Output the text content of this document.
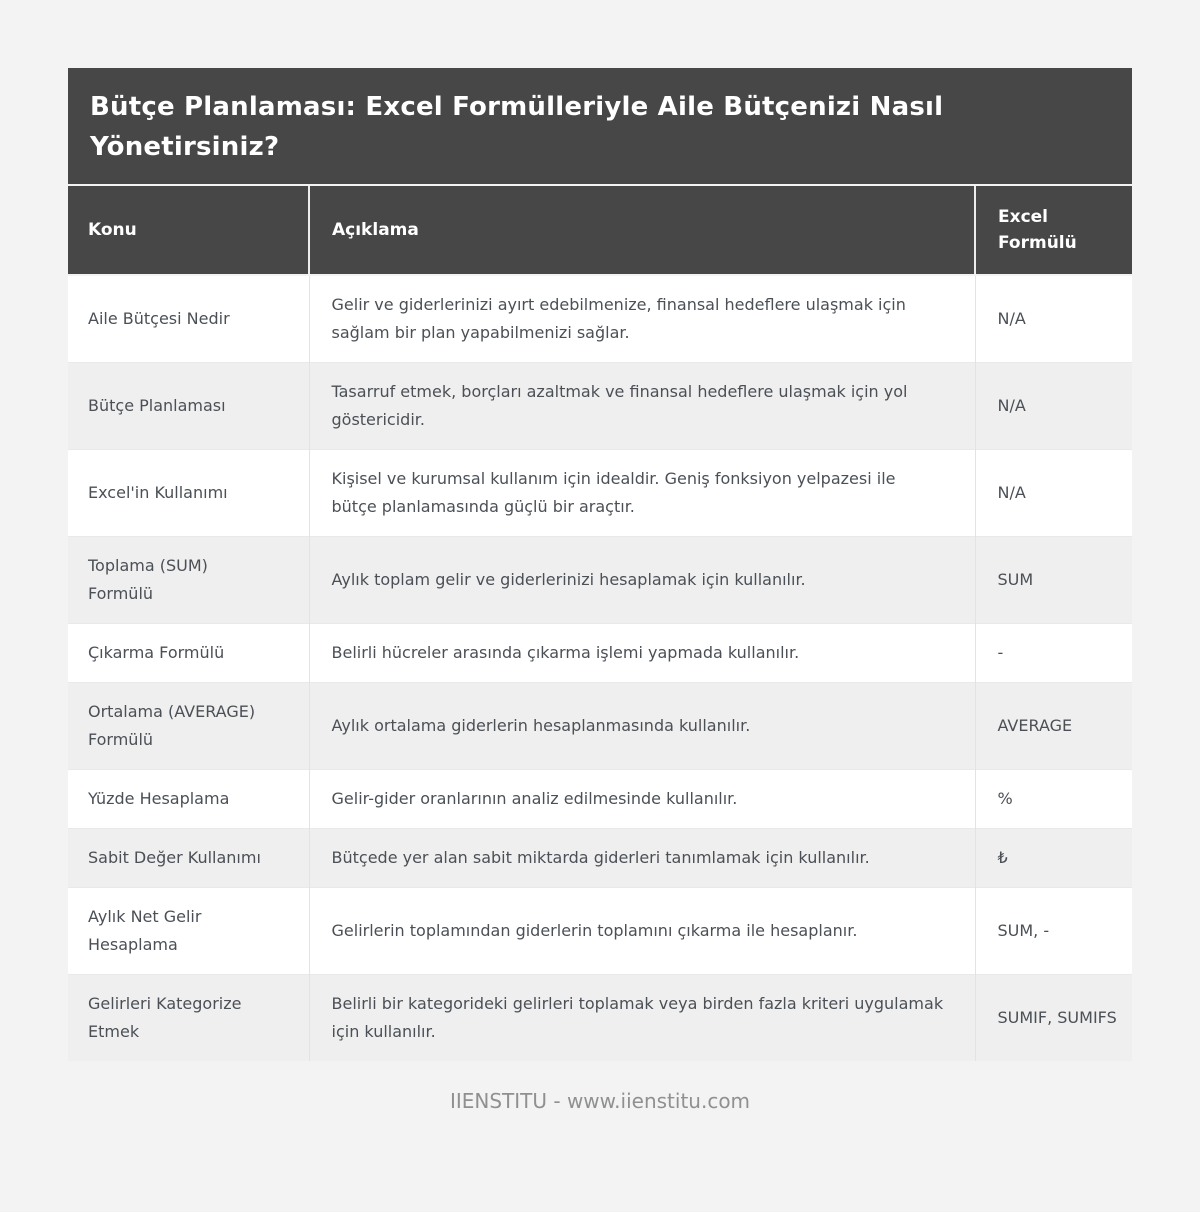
Bütçe Planlaması: Excel Formülleriyle Aile Bütçenizi Nasıl Yönetirsiniz?
Konu	Açıklama	Excel Formülü
Aile Bütçesi Nedir	Gelir ve giderlerinizi ayırt edebilmenize, finansal hedeflere ulaşmak için sağlam bir plan yapabilmenizi sağlar.	N/A
Bütçe Planlaması	Tasarruf etmek, borçları azaltmak ve finansal hedeflere ulaşmak için yol göstericidir.	N/A
Excel'in Kullanımı	Kişisel ve kurumsal kullanım için idealdir. Geniş fonksiyon yelpazesi ile bütçe planlamasında güçlü bir araçtır.	N/A
Toplama (SUM) Formülü	Aylık toplam gelir ve giderlerinizi hesaplamak için kullanılır.	SUM
Çıkarma Formülü	Belirli hücreler arasında çıkarma işlemi yapmada kullanılır.	-
Ortalama (AVERAGE) Formülü	Aylık ortalama giderlerin hesaplanmasında kullanılır.	AVERAGE
Yüzde Hesaplama	Gelir-gider oranlarının analiz edilmesinde kullanılır.	%
Sabit Değer Kullanımı	Bütçede yer alan sabit miktarda giderleri tanımlamak için kullanılır.	₺
Aylık Net Gelir Hesaplama	Gelirlerin toplamından giderlerin toplamını çıkarma ile hesaplanır.	SUM, -
Gelirleri Kategorize Etmek	Belirli bir kategorideki gelirleri toplamak veya birden fazla kriteri uygulamak için kullanılır.	SUMIF, SUMIFS
IIENSTITU - www.iienstitu.com
